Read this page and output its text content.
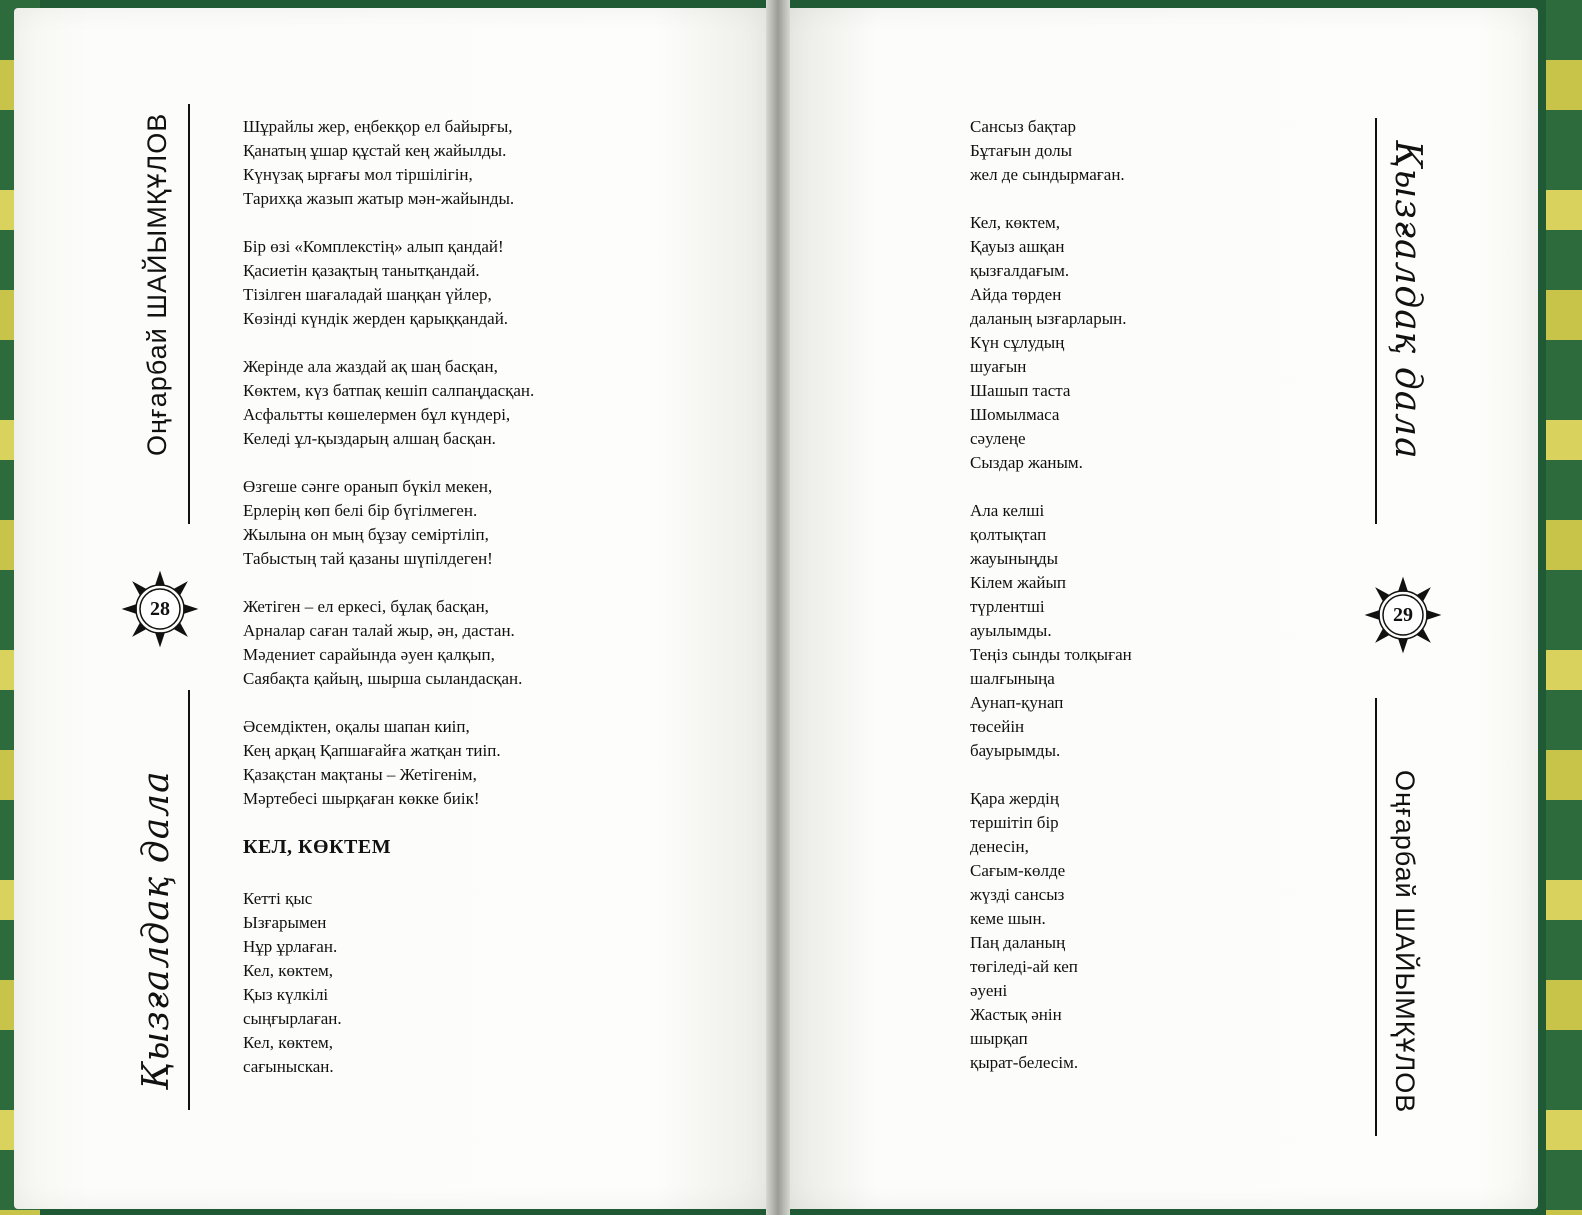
Оңғарбай ШАЙЫМҚҰЛОВ
28
Қызғалдақ дала
Шұрайлы жер, еңбекқор ел байырғы,
Қанатың ұшар құстай кең жайылды.
Күнүзақ ырғағы мол тіршілігін,
Тарихқа жазып жатыр мән-жайынды.
Бір өзі «Комплекстің» алып қандай!
Қасиетін қазақтың танытқандай.
Тізілген шағаладай шаңқан үйлер,
Көзінді күндік жерден қарыққандай.
Жерінде ала жаздай ақ шаң басқан,
Көктем, күз батпақ кешіп салпаңдасқан.
Асфальтты көшелермен бұл күндері,
Келеді ұл-қыздарың алшаң басқан.
Өзгеше сәнге оранып бүкіл мекен,
Ерлерің көп белі бір бүгілмеген.
Жылына он мың бұзау семіртіліп,
Табыстың тай қазаны шүпілдеген!
Жетіген – ел еркесі, бұлақ басқан,
Арналар саған талай жыр, ән, дастан.
Мәдениет сарайында әуен қалқып,
Саябақта қайың, шырша сыландасқан.
Әсемдіктен, оқалы шапан киіп,
Кең арқаң Қапшағайға жатқан тиіп.
Қазақстан мақтаны – Жетігенім,
Мәртебесі шырқаған көкке биік!
КЕЛ, КӨКТЕМ
Кетті қыс
Ызғарымен
Нұр ұрлаған.
Кел, көктем,
Қыз күлкілі
сыңғырлаған.
Кел, көктем,
сағыныскан.
Қызғалдақ дала
29
Оңғарбай ШАЙЫМҚҰЛОВ
Сансыз бақтар
Бұтағын долы
жел де сындырмаған.
Кел, көктем,
Қауыз ашқан
қызғалдағым.
Айда төрден
даланың ызғарларын.
Күн сұлудың
шуағын
Шашып таста
Шомылмаса
сәулеңе
Сыздар жаным.
Ала келші
қолтықтап
жауыныңды
Кілем жайып
түрлентші
ауылымды.
Теңіз сынды толқыған
шалғыныңа
Аунап-қунап
төсейін
бауырымды.
Қара жердің
тершітіп бір
денесін,
Сағым-көлде
жүзді сансыз
кеме шын.
Паң даланың
төгіледі-ай кеп
әуені
Жастық әнін
шырқап
қырат-белесім.
